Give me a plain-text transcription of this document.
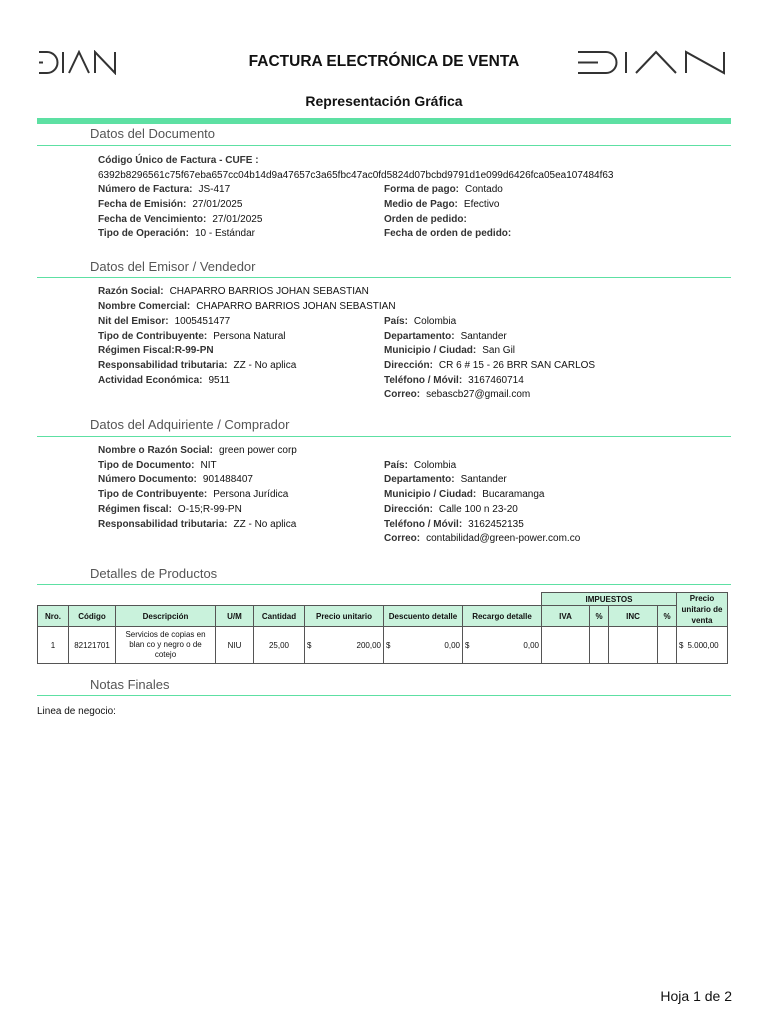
FACTURA ELECTRÓNICA DE VENTA
Representación Gráfica
Datos del Documento
Código Único de Factura - CUFE :
6392b8296561c75f67eba657cc04b14d9a47657c3a65fbc47ac0fd5824d07bcbd9791d1e099d6426fca05ea107484f63
Número de Factura: JS-417
Fecha de Emisión: 27/01/2025
Fecha de Vencimiento: 27/01/2025
Tipo de Operación: 10 - Estándar
Forma de pago: Contado
Medio de Pago: Efectivo
Orden de pedido:
Fecha de orden de pedido:
Datos del Emisor / Vendedor
Razón Social: CHAPARRO BARRIOS JOHAN SEBASTIAN
Nombre Comercial: CHAPARRO BARRIOS JOHAN SEBASTIAN
Nit del Emisor: 1005451477
Tipo de Contribuyente: Persona Natural
Régimen Fiscal:R-99-PN
Responsabilidad tributaria: ZZ - No aplica
Actividad Económica: 9511
País: Colombia
Departamento: Santander
Municipio / Ciudad: San Gil
Dirección: CR 6 # 15 - 26 BRR SAN CARLOS
Teléfono / Móvil: 3167460714
Correo: sebascb27@gmail.com
Datos del Adquiriente / Comprador
Nombre o Razón Social: green power corp
Tipo de Documento: NIT
Número Documento: 901488407
Tipo de Contribuyente: Persona Jurídica
Régimen fiscal: O-15;R-99-PN
Responsabilidad tributaria: ZZ - No aplica
País: Colombia
Departamento: Santander
Municipio / Ciudad: Bucaramanga
Dirección: Calle 100 n 23-20
Teléfono / Móvil: 3162452135
Correo: contabilidad@green-power.com.co
Detalles de Productos
								IMPUESTOS				Precio unitario de venta
Nro.	Código	Descripción	U/M	Cantidad	Precio unitario	Descuento detalle	Recargo detalle	IVA	%	INC	%	
1	82121701	Servicios de copias en blan co y negro o de cotejo	NIU	25,00	$ 200,00	$ 0,00	$ 0,00					$ 5.000,00
Notas Finales
Linea de negocio:
Hoja 1 de 2
